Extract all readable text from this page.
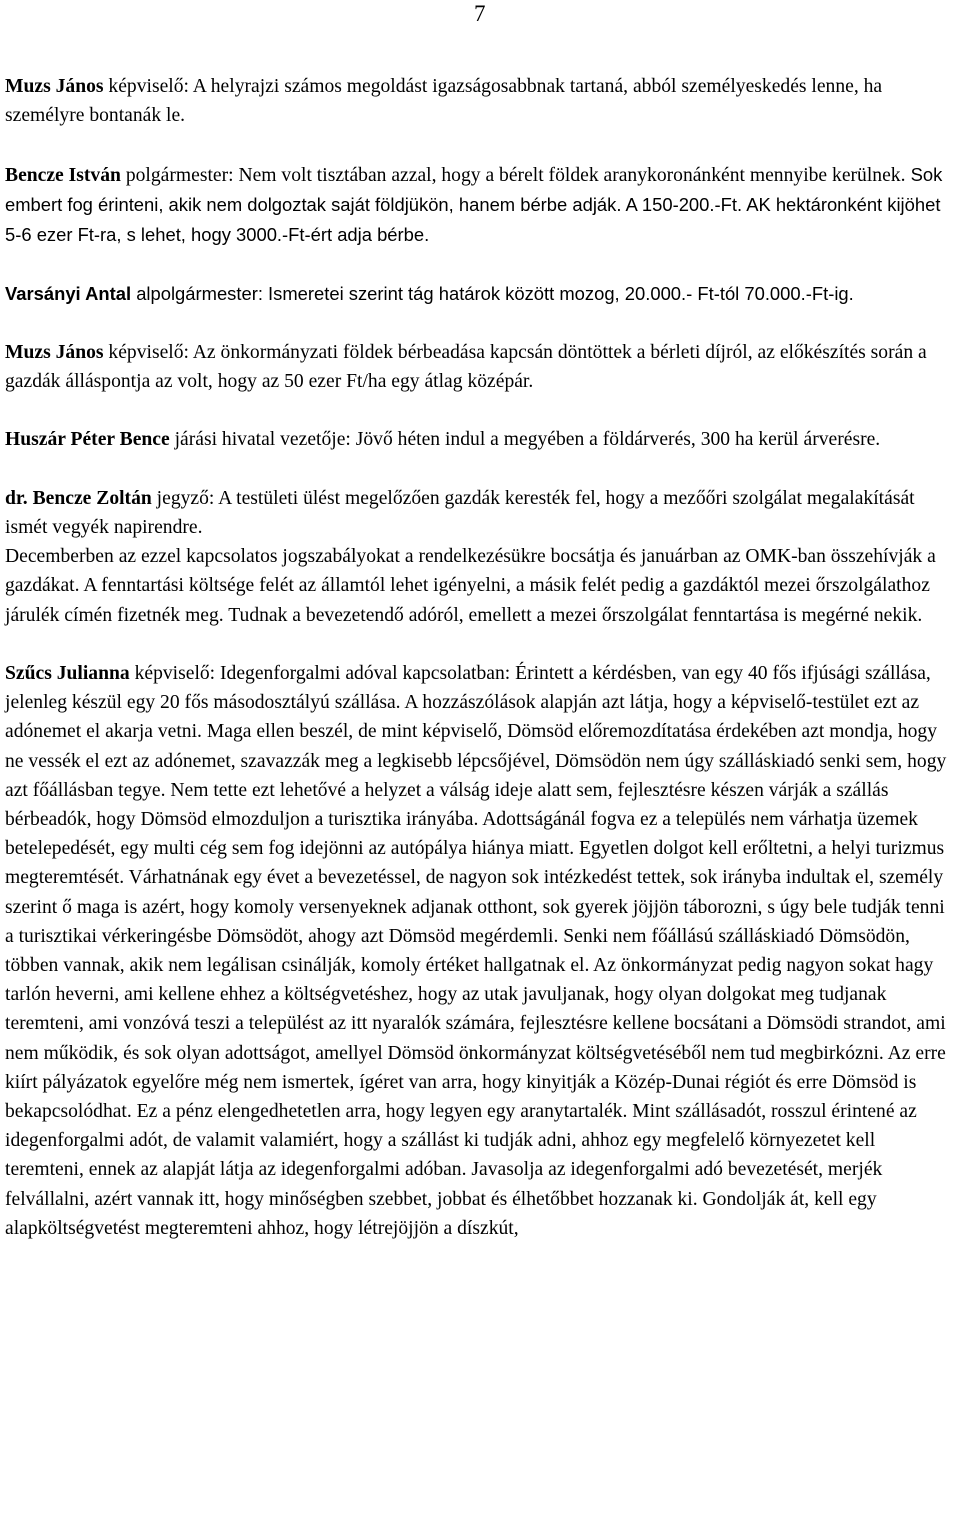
7

Muzs János képviselő: A helyrajzi számos megoldást igazságosabbnak tartaná, abból személyeskedés lenne, ha személyre bontanák le.

Bencze István polgármester: Nem volt tisztában azzal, hogy a bérelt földek aranykoronánként mennyibe kerülnek. Sok embert fog érinteni, akik nem dolgoztak saját földjükön, hanem bérbe adják. A 150-200.-Ft. AK hektáronként kijöhet 5-6 ezer Ft-ra, s lehet, hogy 3000.-Ft-ért adja bérbe.

Varsányi Antal alpolgármester: Ismeretei szerint tág határok között mozog, 20.000.- Ft-tól 70.000.-Ft-ig.

Muzs János képviselő: Az önkormányzati földek bérbeadása kapcsán döntöttek a bérleti díjról, az előkészítés során a gazdák álláspontja az volt, hogy az 50 ezer Ft/ha egy átlag középár.

Huszár Péter Bence járási hivatal vezetője: Jövő héten indul a megyében a földárverés, 300 ha kerül árverésre.

dr. Bencze Zoltán jegyző: A testületi ülést megelőzően gazdák keresték fel, hogy a mezőőri szolgálat megalakítását ismét vegyék napirendre.

Decemberben az ezzel kapcsolatos jogszabályokat a rendelkezésükre bocsátja és januárban az OMK-ban összehívják a gazdákat. A fenntartási költsége felét az államtól lehet igényelni, a másik felét pedig a gazdáktól mezei őrszolgálathoz járulék címén fizetnék meg. Tudnak a bevezetendő adóról, emellett a mezei őrszolgálat fenntartása is megérné nekik.

Szűcs Julianna képviselő: Idegenforgalmi adóval kapcsolatban: Érintett a kérdésben, van egy 40 fős ifjúsági szállása, jelenleg készül egy 20 fős másodosztályú szállása. A hozzászólások alapján azt látja, hogy a képviselő-testület ezt az adónemet el akarja vetni. Maga ellen beszél, de mint képviselő, Dömsöd előremozdítatása érdekében azt mondja, hogy ne vessék el ezt az adónemet, szavazzák meg a legkisebb lépcsőjével, Dömsödön nem úgy szálláskiadó senki sem, hogy azt főállásban tegye. Nem tette ezt lehetővé a helyzet a válság ideje alatt sem, fejlesztésre készen várják a szállás bérbeadók, hogy Dömsöd elmozduljon a turisztika irányába. Adottságánál fogva ez a település nem várhatja üzemek betelepedését, egy multi cég sem fog idejönni az autópálya hiánya miatt. Egyetlen dolgot kell erőltetni, a helyi turizmus megteremtését. Várhatnának egy évet a bevezetéssel, de nagyon sok intézkedést tettek, sok irányba indultak el, személy szerint ő maga is azért, hogy komoly versenyeknek adjanak otthont, sok gyerek jöjjön táborozni, s úgy bele tudják tenni a turisztikai vérkeringésbe Dömsödöt, ahogy azt Dömsöd megérdemli. Senki nem főállású szálláskiadó Dömsödön, többen vannak, akik nem legálisan csinálják, komoly értéket hallgatnak el. Az önkormányzat pedig nagyon sokat hagy tarlón heverni, ami kellene ehhez a költségvetéshez, hogy az utak javuljanak, hogy olyan dolgokat meg tudjanak teremteni, ami vonzóvá teszi a települést az itt nyaralók számára, fejlesztésre kellene bocsátani a Dömsödi strandot, ami nem működik, és sok olyan adottságot, amellyel Dömsöd önkormányzat költségvetéséből nem tud megbirkózni. Az erre kiírt pályázatok egyelőre még nem ismertek, ígéret van arra, hogy kinyitják a Közép-Dunai régiót és erre Dömsöd is bekapcsolódhat. Ez a pénz elengedhetetlen arra, hogy legyen egy aranytartalék. Mint szállásadót, rosszul érintené az idegenforgalmi adót, de valamit valamiért, hogy a szállást ki tudják adni, ahhoz egy megfelelő környezetet kell teremteni, ennek az alapját látja az idegenforgalmi adóban. Javasolja az idegenforgalmi adó bevezetését, merjék felvállalni, azért vannak itt, hogy minőségben szebbet, jobbat és élhetőbbet hozzanak ki. Gondolják át, kell egy alapköltségvetést megteremteni ahhoz, hogy létrejöjjön a díszkút,
